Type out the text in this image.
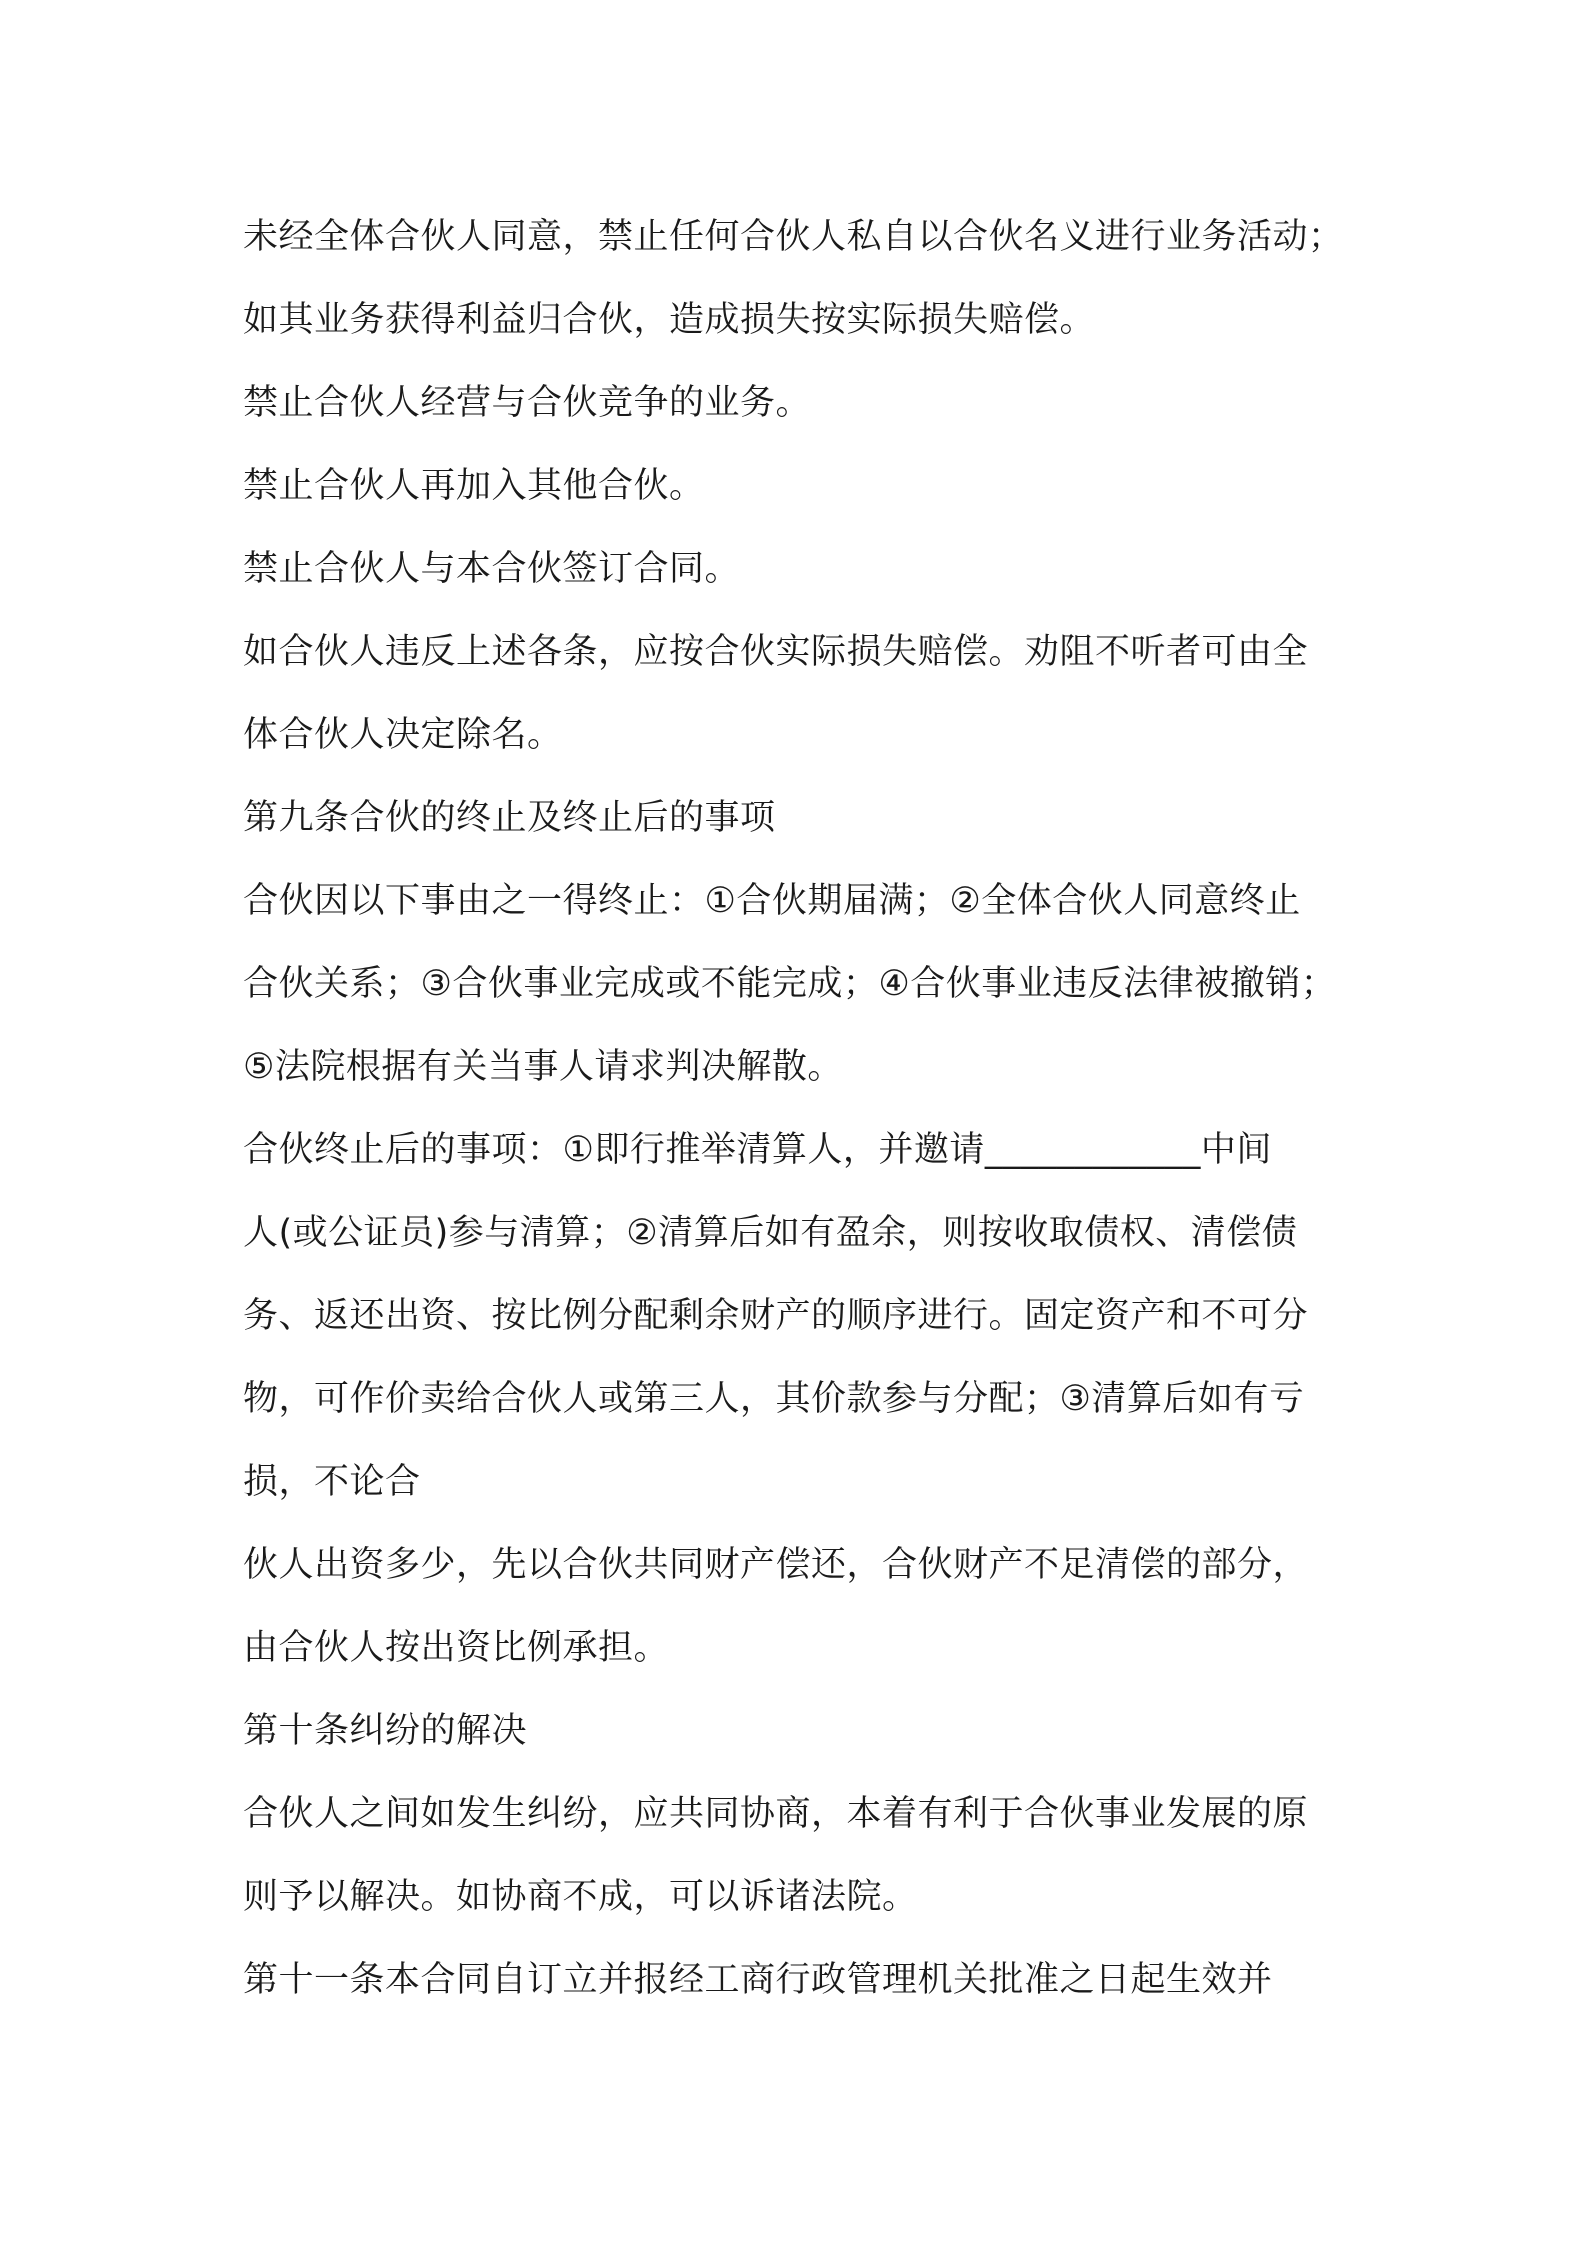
未经全体合伙人同意，禁止任何合伙人私自以合伙名义进行业务活动；
如其业务获得利益归合伙，造成损失按实际损失赔偿。
禁止合伙人经营与合伙竞争的业务。
禁止合伙人再加入其他合伙。
禁止合伙人与本合伙签订合同。
如合伙人违反上述各条，应按合伙实际损失赔偿。劝阻不听者可由全
体合伙人决定除名。
第九条合伙的终止及终止后的事项
合伙因以下事由之一得终止：①合伙期届满；②全体合伙人同意终止
合伙关系；③合伙事业完成或不能完成；④合伙事业违反法律被撤销；
⑤法院根据有关当事人请求判决解散。
合伙终止后的事项：①即行推举清算人，并邀请____________中间
人(或公证员)参与清算；②清算后如有盈余，则按收取债权、清偿债
务、返还出资、按比例分配剩余财产的顺序进行。固定资产和不可分
物，可作价卖给合伙人或第三人，其价款参与分配；③清算后如有亏
损，不论合
伙人出资多少，先以合伙共同财产偿还，合伙财产不足清偿的部分，
由合伙人按出资比例承担。
第十条纠纷的解决
合伙人之间如发生纠纷，应共同协商，本着有利于合伙事业发展的原
则予以解决。如协商不成，可以诉诸法院。
第十一条本合同自订立并报经工商行政管理机关批准之日起生效并
